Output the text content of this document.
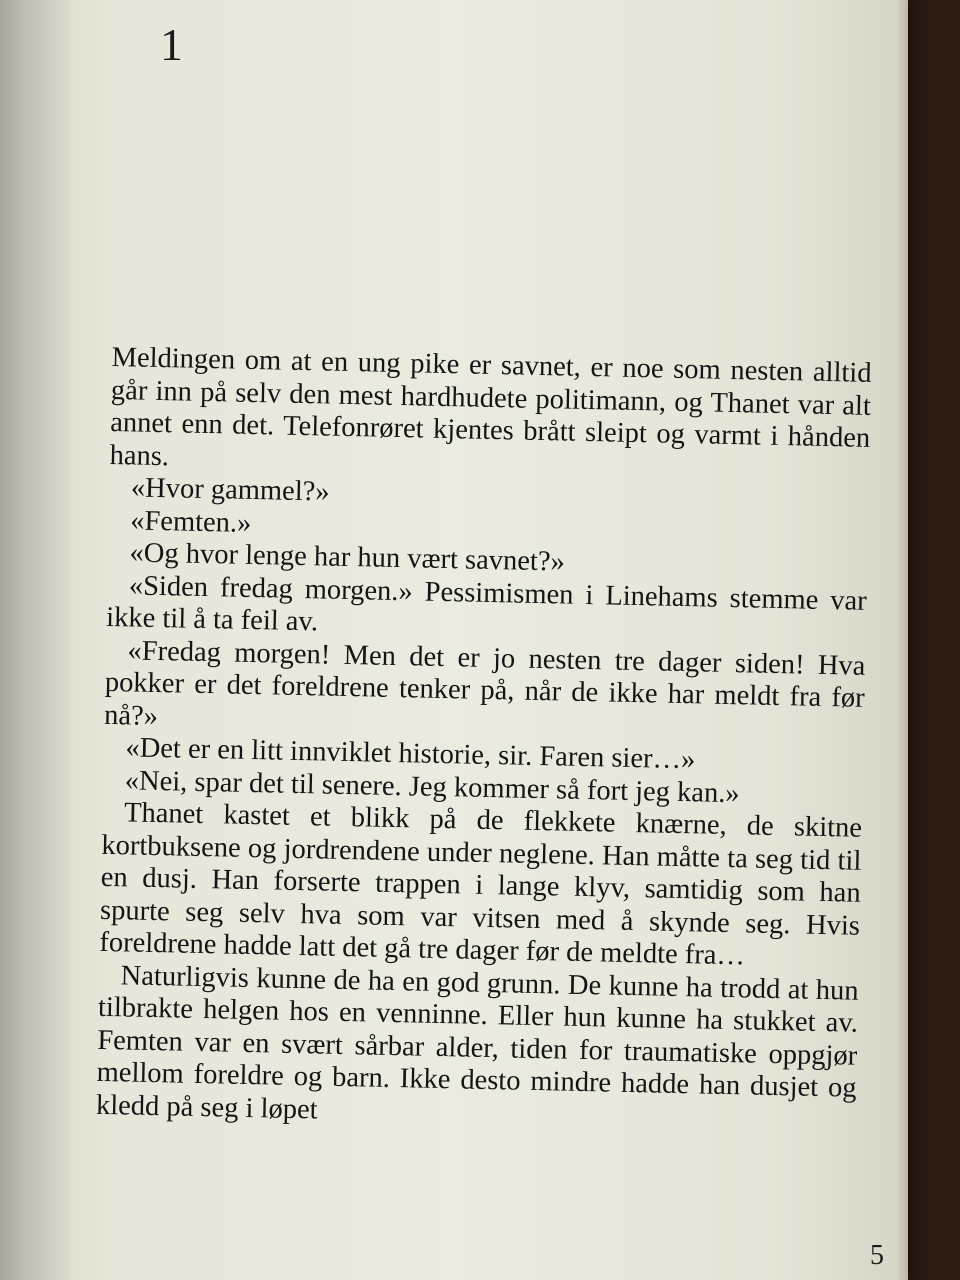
1

Meldingen om at en ung pike er savnet, er noe som nesten alltid går inn på selv den mest hardhudete politimann, og Thanet var alt annet enn det. Telefonrøret kjentes brått sleipt og varmt i hånden hans.

«Hvor gammel?»

«Femten.»

«Og hvor lenge har hun vært savnet?»

«Siden fredag morgen.» Pessimismen i Linehams stemme var ikke til å ta feil av.

«Fredag morgen! Men det er jo nesten tre dager siden! Hva pokker er det foreldrene tenker på, når de ikke har meldt fra før nå?»

«Det er en litt innviklet historie, sir. Faren sier…»

«Nei, spar det til senere. Jeg kommer så fort jeg kan.»

Thanet kastet et blikk på de flekkete knærne, de skitne kortbuksene og jordrendene under neglene. Han måtte ta seg tid til en dusj. Han forserte trappen i lange klyv, samtidig som han spurte seg selv hva som var vitsen med å skynde seg. Hvis foreldrene hadde latt det gå tre dager før de meldte fra…

Naturligvis kunne de ha en god grunn. De kunne ha trodd at hun tilbrakte helgen hos en venninne. Eller hun kunne ha stukket av. Femten var en svært sårbar alder, tiden for traumatiske oppgjør mellom foreldre og barn. Ikke desto mindre hadde han dusjet og kledd på seg i løpet

5
